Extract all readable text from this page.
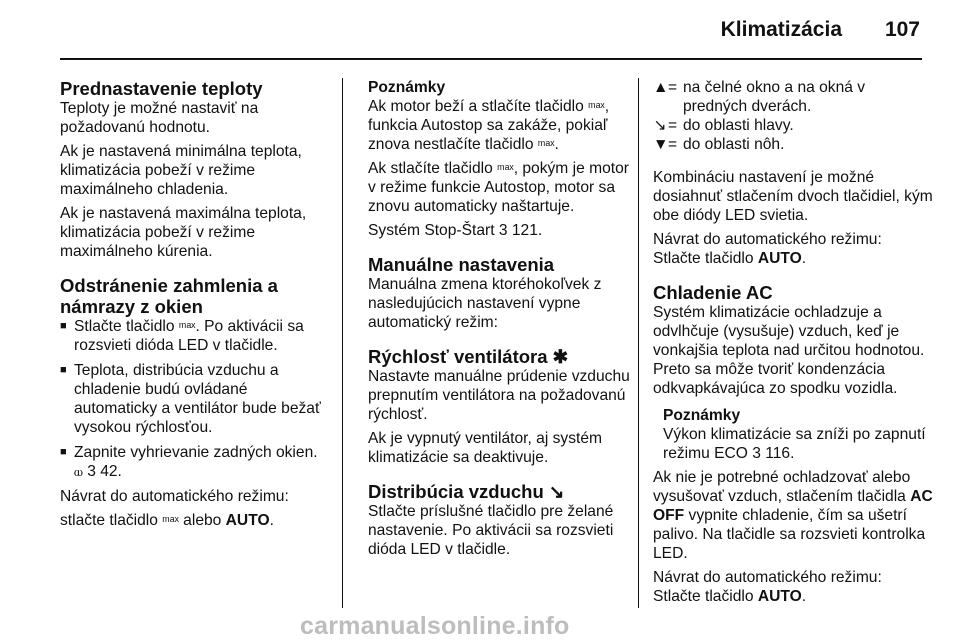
Klimatizácia 107
Prednastavenie teploty

Teploty je možné nastaviť na požadovanú hodnotu.

Ak je nastavená minimálna teplota, klimatizácia pobeží v režime maximálneho chladenia.

Ak je nastavená maximálna teplota, klimatizácia pobeží v režime maximálneho kúrenia.

Odstránenie zahmlenia a námrazy z okien
■ Stlačte tlačidlo ᵐᵃˣ. Po aktivácii sa rozsvieti dióda LED v tlačidle.
■ Teplota, distribúcia vzduchu a chladenie budú ovládané automaticky a ventilátor bude bežať vysokou rýchlosťou.
■ Zapnite vyhrievanie zadných okien. ⲱ 3 42.

Návrat do automatického režimu:

stlačte tlačidlo ᵐᵃˣ alebo AUTO.

Poznámky

Ak motor beží a stlačíte tlačidlo ᵐᵃˣ, funkcia Autostop sa zakáže, pokiaľ znova nestlačíte tlačidlo ᵐᵃˣ.

Ak stlačíte tlačidlo ᵐᵃˣ, pokým je motor v režime funkcie Autostop, motor sa znovu automaticky naštartuje.

Systém Stop-Štart 3 121.

Manuálne nastavenia

Manuálna zmena ktoréhokoľvek z nasledujúcich nastavení vypne automatický režim:

Rýchlosť ventilátora ✱

Nastavte manuálne prúdenie vzduchu prepnutím ventilátora na požadovanú rýchlosť.

Ak je vypnutý ventilátor, aj systém klimatizácie sa deaktivuje.

Distribúcia vzduchu ↘

Stlačte príslušné tlačidlo pre želané nastavenie. Po aktivácii sa rozsvieti dióda LED v tlačidle.

▲ = na čelné okno a na okná v predných dverách.
↘ = do oblasti hlavy.
▼ = do oblasti nôh.

Kombináciu nastavení je možné dosiahnuť stlačením dvoch tlačidiel, kým obe diódy LED svietia.

Návrat do automatického režimu:

Stlačte tlačidlo AUTO.

Chladenie AC

Systém klimatizácie ochladzuje a odvlhčuje (vysušuje) vzduch, keď je vonkajšia teplota nad určitou hodnotou. Preto sa môže tvoriť kondenzácia odkvapkávajúca zo spodku vozidla.

Poznámky

Výkon klimatizácie sa zníži po zapnutí režimu ECO 3 116.

Ak nie je potrebné ochladzovať alebo vysušovať vzduch, stlačením tlačidla AC OFF vypnite chladenie, čím sa ušetrí palivo. Na tlačidle sa rozsvieti kontrolka LED.

Návrat do automatického režimu:

Stlačte tlačidlo AUTO.

carmanualsonline.info
